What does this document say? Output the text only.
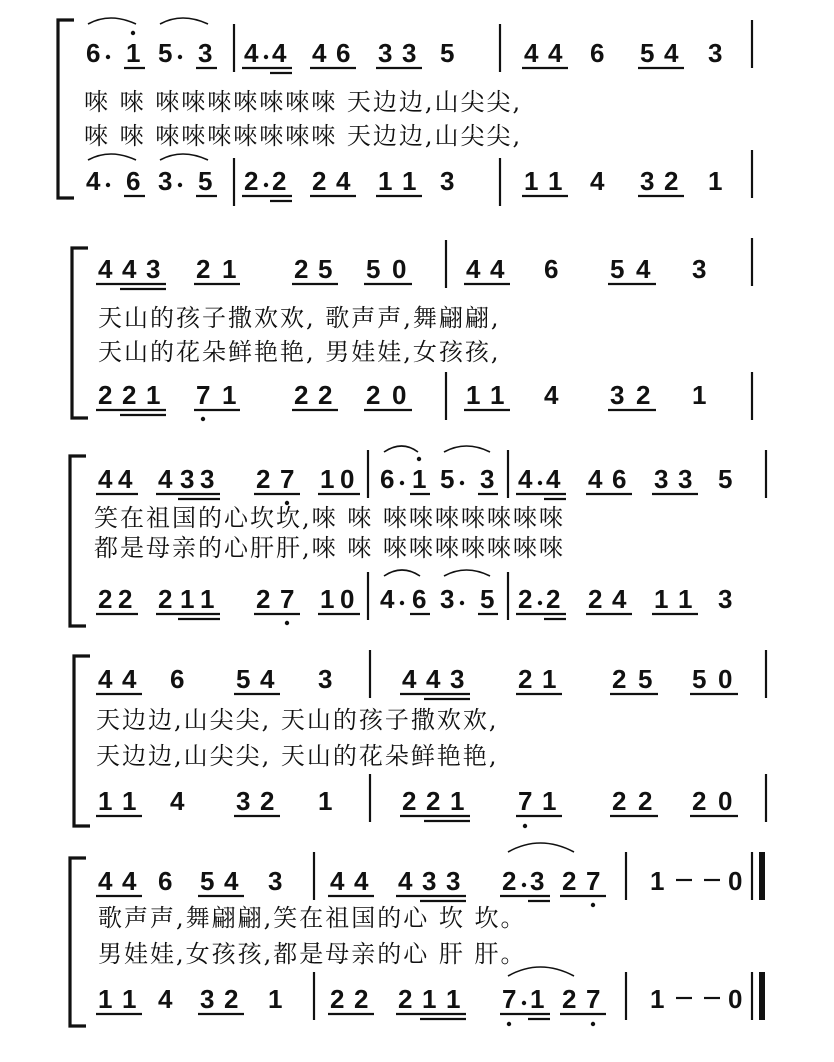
6 1 5 3 4 4 4 6 3 3 5	4 4 6 5 4 3
唻 唻 唻唻唻唻唻唻唻 天边边,山尖尖,
唻 唻 唻唻唻唻唻唻唻 天边边,山尖尖,
4 6 3 5 2 2 2 4 1 1 3	1 1 4 3 2 1
4 4 3 2 1 2 5 5 0 4 4 6 5 4 3
天山的孩子撒欢欢, 歌声声,舞翩翩,
天山的花朵鲜艳艳, 男娃娃,女孩孩,
2 2 1 7 1 2 2 2 0 1 1 4 3 2 1
4 4 4 3 3 2 7 1 0 6 1 5 3 4 4 4 6 3 3 5
笑在祖国的心坎坎,唻 唻 唻唻唻唻唻唻唻
都是母亲的心肝肝,唻 唻 唻唻唻唻唻唻唻
2 2 2 1 1 2 7 1 0 4 6 3 5 2 2 2 4 1 1 3
4 4 6 5 4 3	4 4 3 2 1 2 5 5 0
天边边,山尖尖, 天山的孩子撒欢欢,
天边边,山尖尖, 天山的花朵鲜艳艳,
1 1 4 3 2 1	2 2 1 7 1 2 2 2 0
4 4 6 5 4 3 4 4 4 3 3 2 3 2 7 1 0
歌声声,舞翩翩,笑在祖国的心 坎 坎。
男娃娃,女孩孩,都是母亲的心 肝 肝。
1 1 4 3 2 1 2 2 2 1 1 7 1 2 7 1 0
